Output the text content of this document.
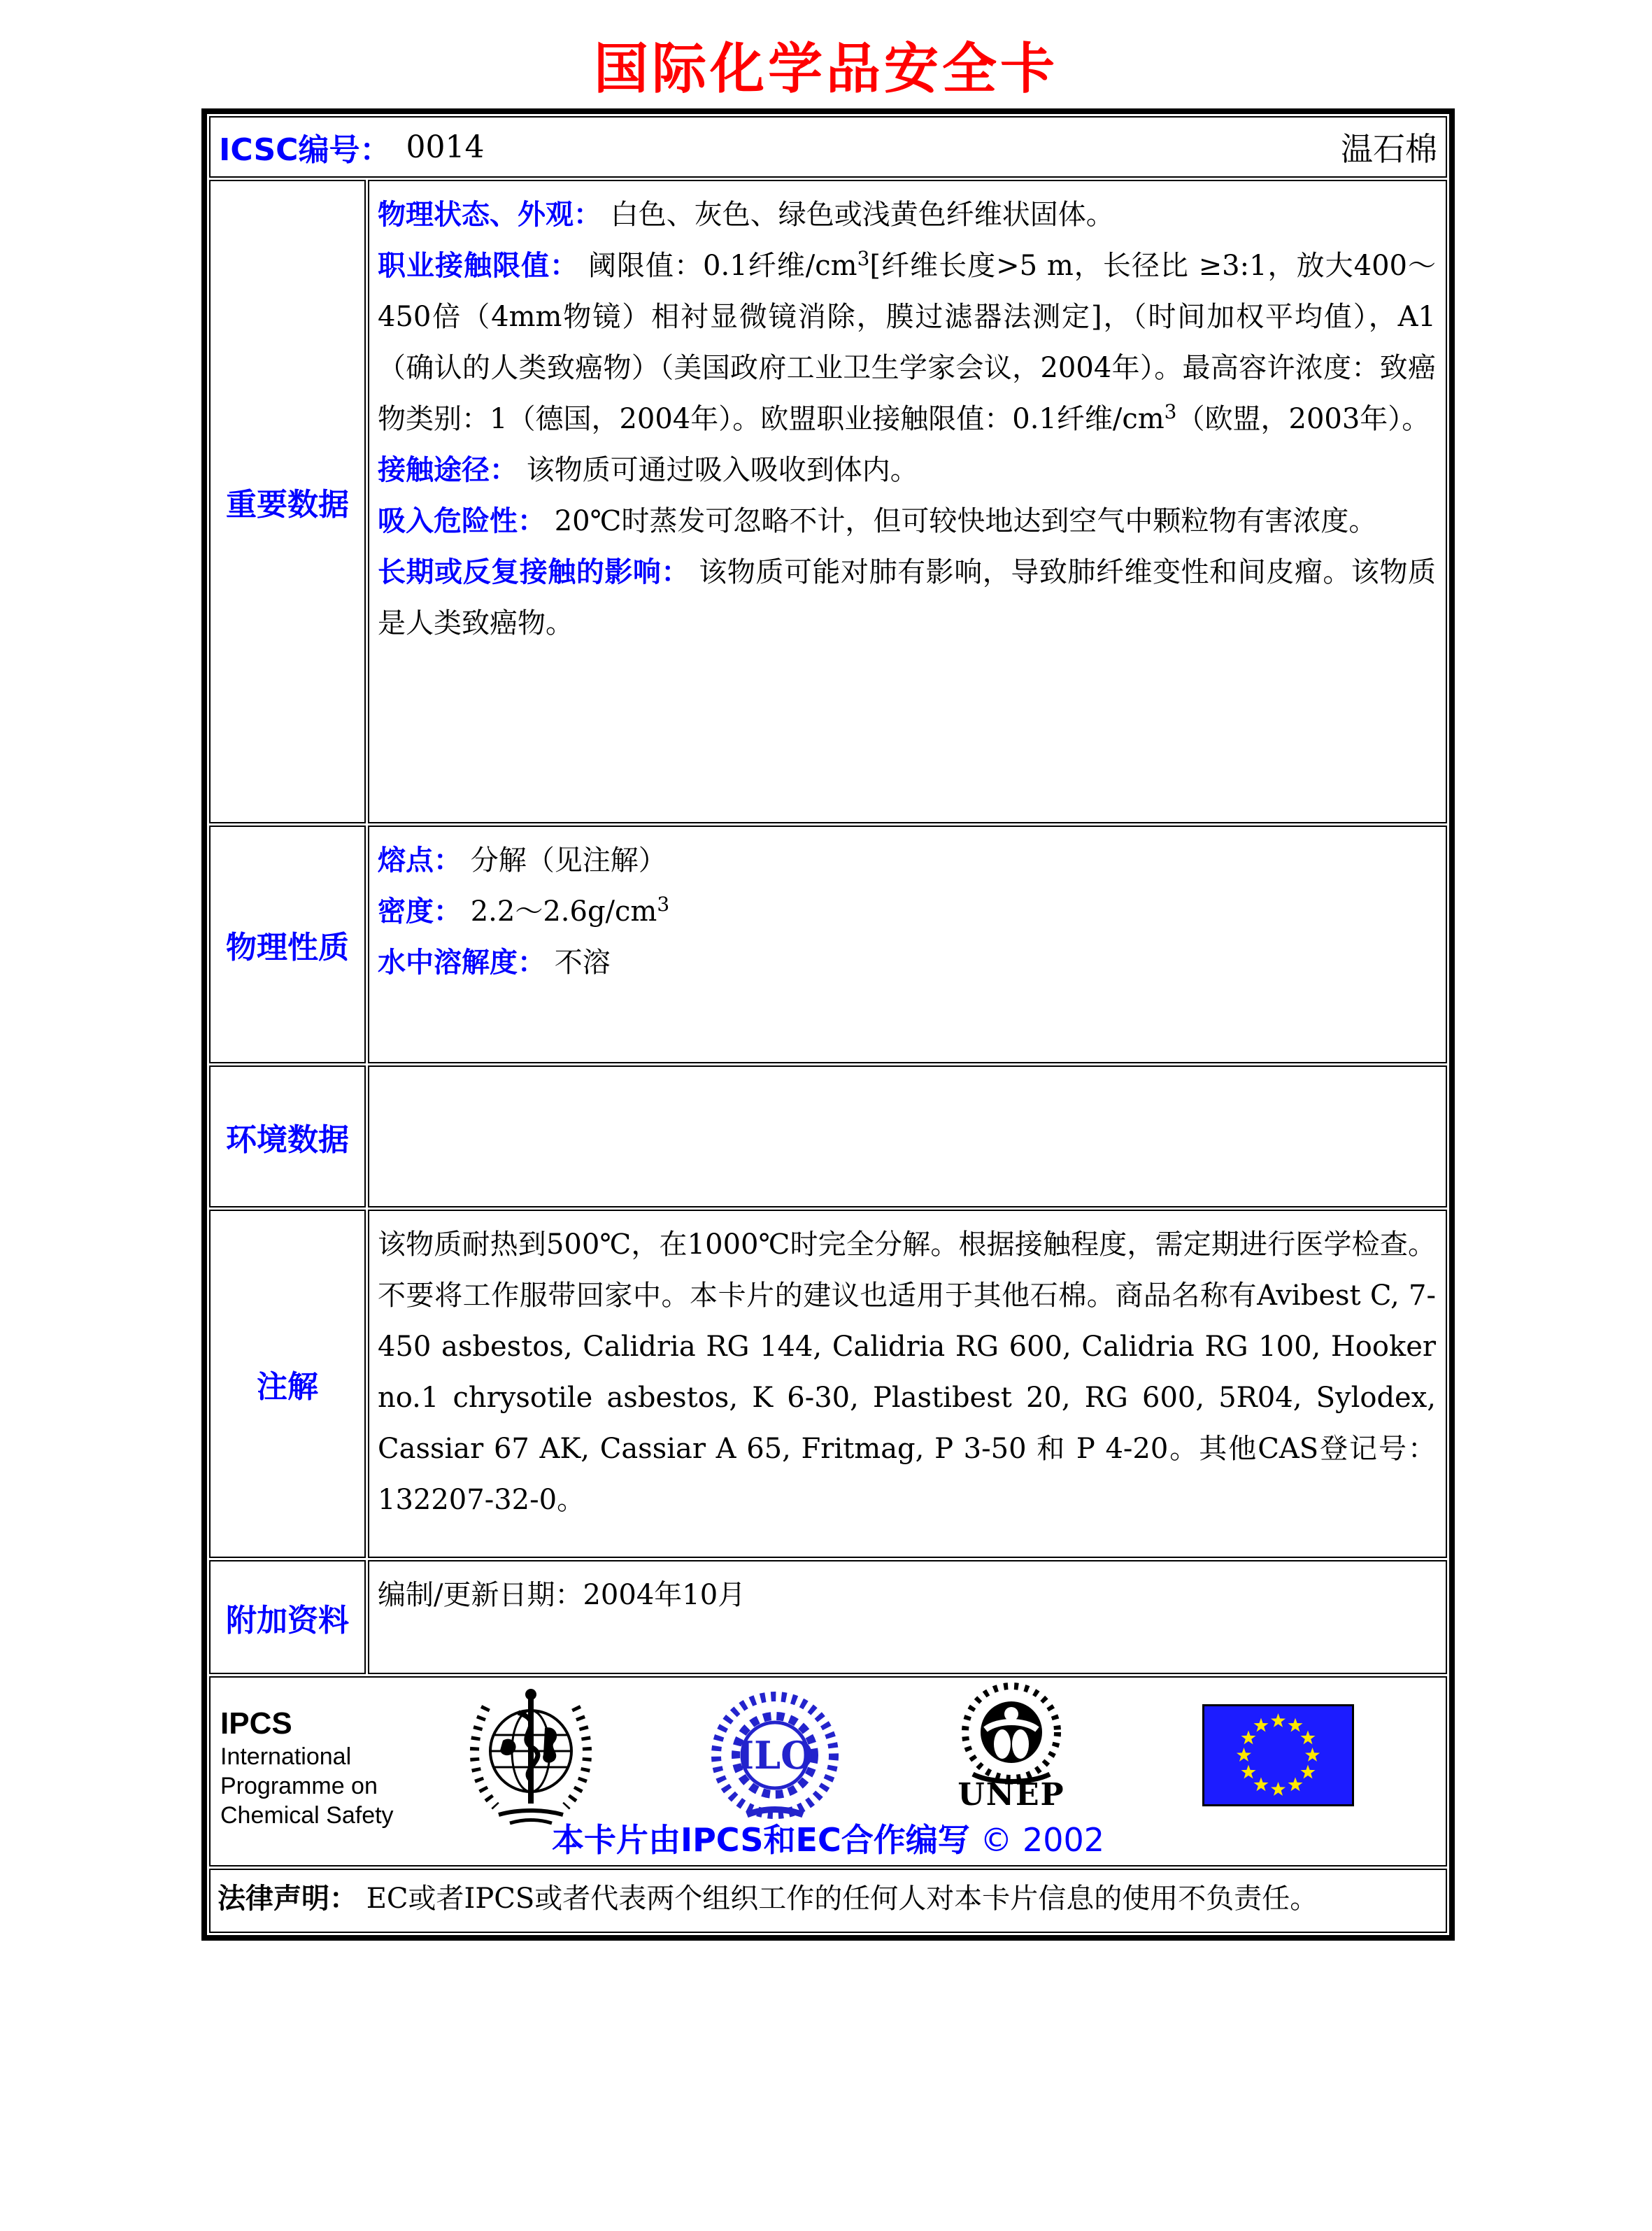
国际化学品安全卡
ICSC编号： 0014 温石棉	

重要数据	物理状态、外观： 白色、灰色、绿色或浅黄色纤维状固体。
职业接触限值： 阈限值：0.1纤维$/cm^3$[纤维长度>5 m，长径比 ≥3:1，放大400～450倍（4mm物镜）相衬显微镜消除，膜过滤器法测定]，（时间加权平均值），A1（确认的人类致癌物）（美国政府工业卫生学家会议，2004年）。最高容许浓度：致癌物类别：1（德国，2004年）。欧盟职业接触限值：0.1纤维$/cm^3$（欧盟，2003年）。
接触途径： 该物质可通过吸入吸收到体内。
吸入危险性： 20℃时蒸发可忽略不计，但可较快地达到空气中颗粒物有害浓度。
长期或反复接触的影响： 该物质可能对肺有影响，导致肺纤维变性和间皮瘤。该物质是人类致癌物。

物理性质	熔点： 分解（见注解）
密度： $2.2\sim 2.6g/cm^3$
水中溶解度： 不溶

环境数据	
注解	该物质耐热到500℃，在1000℃时完全分解。根据接触程度，需定期进行医学检查。不要将工作服带回家中。本卡片的建议也适用于其他石棉。商品名称有Avibest C, 7-450 asbestos, Calidria RG 144, Calidria RG 600, Calidria RG 100, Hooker no.1 chrysotile asbestos, K 6-30, Plastibest 20, RG 600, 5R04, Sylodex, Cassiar 67 AK, Cassiar A 65, Fritmag, P 3-50 和 P 4-20。其他CAS登记号：132207-32-0。

附加资料	编制/更新日期：2004年10月

IPCS
International
Programme on
Chemical Safety
ILO
UNEP
本卡片由IPCS和EC合作编写 © 2002

法律声明： EC或者IPCS或者代表两个组织工作的任何人对本卡片信息的使用不负责任。	
